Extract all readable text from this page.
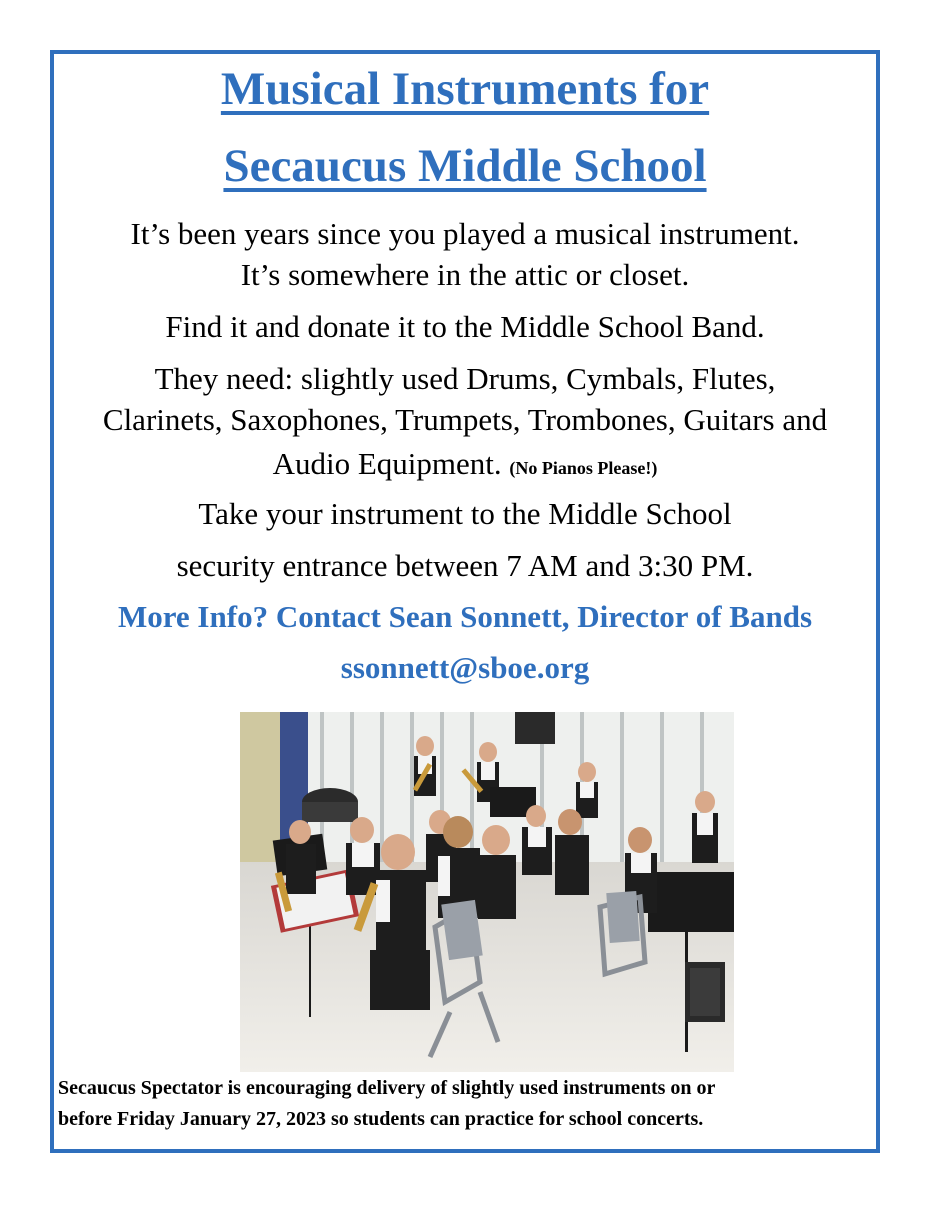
Musical Instruments for
Secaucus Middle School
It’s been years since you played a musical instrument.
It’s somewhere in the attic or closet.
Find it and donate it to the Middle School Band.
They need: slightly used Drums, Cymbals, Flutes,
Clarinets, Saxophones, Trumpets, Trombones, Guitars and
Audio Equipment. (No Pianos Please!)
Take your instrument to the Middle School
security entrance between 7 AM and 3:30 PM.
More Info? Contact Sean Sonnett, Director of Bands
ssonnett@sboe.org
Secaucus Spectator is encouraging delivery of slightly used instruments on or
before Friday January 27, 2023 so students can practice for school concerts.
